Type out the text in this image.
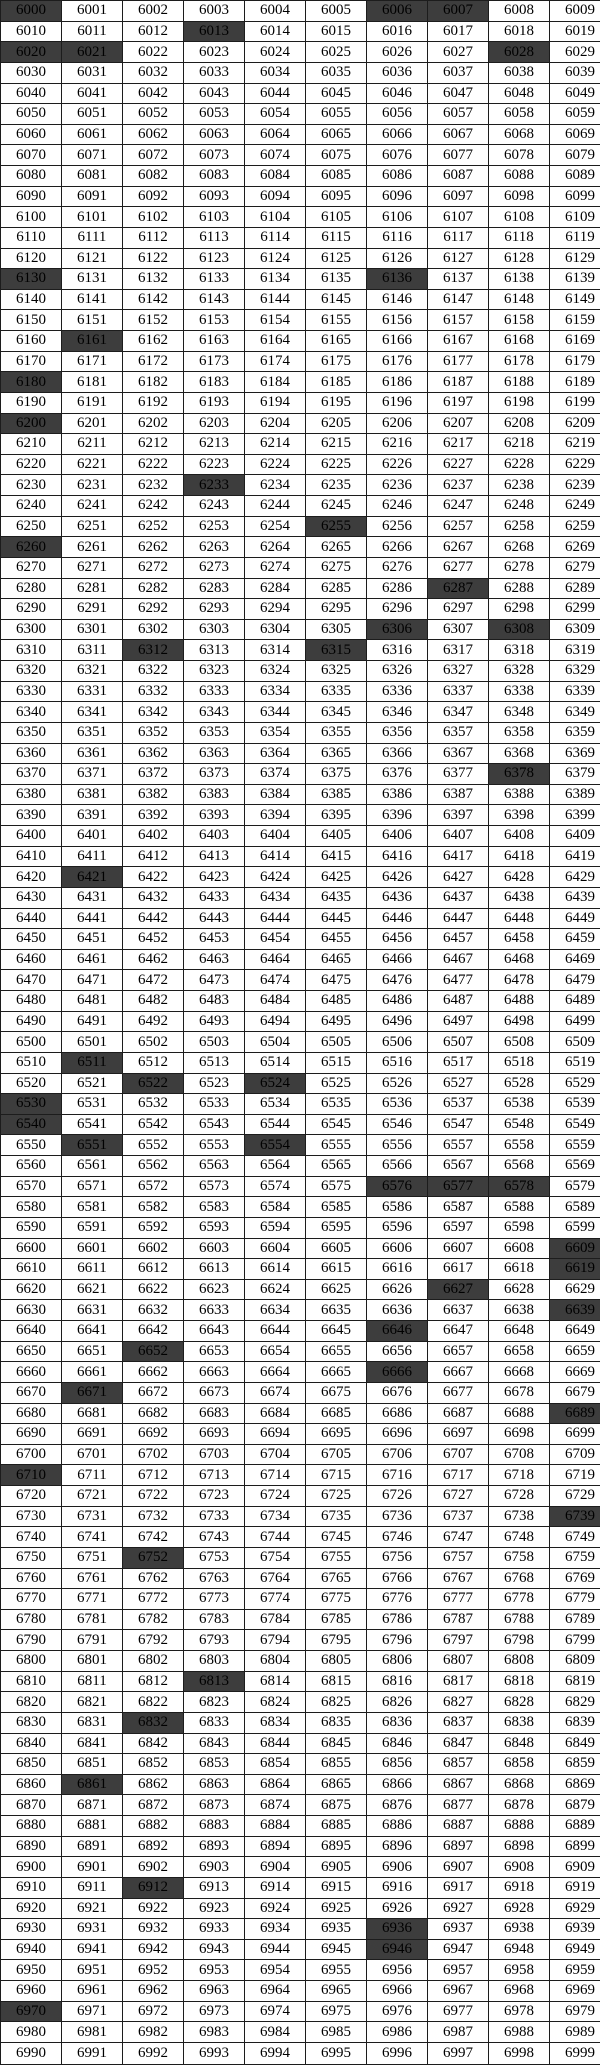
6000	6001	6002	6003	6004	6005	6006	6007	6008	6009
6010	6011	6012	6013	6014	6015	6016	6017	6018	6019
6020	6021	6022	6023	6024	6025	6026	6027	6028	6029
6030	6031	6032	6033	6034	6035	6036	6037	6038	6039
6040	6041	6042	6043	6044	6045	6046	6047	6048	6049
6050	6051	6052	6053	6054	6055	6056	6057	6058	6059
6060	6061	6062	6063	6064	6065	6066	6067	6068	6069
6070	6071	6072	6073	6074	6075	6076	6077	6078	6079
6080	6081	6082	6083	6084	6085	6086	6087	6088	6089
6090	6091	6092	6093	6094	6095	6096	6097	6098	6099
6100	6101	6102	6103	6104	6105	6106	6107	6108	6109
6110	6111	6112	6113	6114	6115	6116	6117	6118	6119
6120	6121	6122	6123	6124	6125	6126	6127	6128	6129
6130	6131	6132	6133	6134	6135	6136	6137	6138	6139
6140	6141	6142	6143	6144	6145	6146	6147	6148	6149
6150	6151	6152	6153	6154	6155	6156	6157	6158	6159
6160	6161	6162	6163	6164	6165	6166	6167	6168	6169
6170	6171	6172	6173	6174	6175	6176	6177	6178	6179
6180	6181	6182	6183	6184	6185	6186	6187	6188	6189
6190	6191	6192	6193	6194	6195	6196	6197	6198	6199
6200	6201	6202	6203	6204	6205	6206	6207	6208	6209
6210	6211	6212	6213	6214	6215	6216	6217	6218	6219
6220	6221	6222	6223	6224	6225	6226	6227	6228	6229
6230	6231	6232	6233	6234	6235	6236	6237	6238	6239
6240	6241	6242	6243	6244	6245	6246	6247	6248	6249
6250	6251	6252	6253	6254	6255	6256	6257	6258	6259
6260	6261	6262	6263	6264	6265	6266	6267	6268	6269
6270	6271	6272	6273	6274	6275	6276	6277	6278	6279
6280	6281	6282	6283	6284	6285	6286	6287	6288	6289
6290	6291	6292	6293	6294	6295	6296	6297	6298	6299
6300	6301	6302	6303	6304	6305	6306	6307	6308	6309
6310	6311	6312	6313	6314	6315	6316	6317	6318	6319
6320	6321	6322	6323	6324	6325	6326	6327	6328	6329
6330	6331	6332	6333	6334	6335	6336	6337	6338	6339
6340	6341	6342	6343	6344	6345	6346	6347	6348	6349
6350	6351	6352	6353	6354	6355	6356	6357	6358	6359
6360	6361	6362	6363	6364	6365	6366	6367	6368	6369
6370	6371	6372	6373	6374	6375	6376	6377	6378	6379
6380	6381	6382	6383	6384	6385	6386	6387	6388	6389
6390	6391	6392	6393	6394	6395	6396	6397	6398	6399
6400	6401	6402	6403	6404	6405	6406	6407	6408	6409
6410	6411	6412	6413	6414	6415	6416	6417	6418	6419
6420	6421	6422	6423	6424	6425	6426	6427	6428	6429
6430	6431	6432	6433	6434	6435	6436	6437	6438	6439
6440	6441	6442	6443	6444	6445	6446	6447	6448	6449
6450	6451	6452	6453	6454	6455	6456	6457	6458	6459
6460	6461	6462	6463	6464	6465	6466	6467	6468	6469
6470	6471	6472	6473	6474	6475	6476	6477	6478	6479
6480	6481	6482	6483	6484	6485	6486	6487	6488	6489
6490	6491	6492	6493	6494	6495	6496	6497	6498	6499
6500	6501	6502	6503	6504	6505	6506	6507	6508	6509
6510	6511	6512	6513	6514	6515	6516	6517	6518	6519
6520	6521	6522	6523	6524	6525	6526	6527	6528	6529
6530	6531	6532	6533	6534	6535	6536	6537	6538	6539
6540	6541	6542	6543	6544	6545	6546	6547	6548	6549
6550	6551	6552	6553	6554	6555	6556	6557	6558	6559
6560	6561	6562	6563	6564	6565	6566	6567	6568	6569
6570	6571	6572	6573	6574	6575	6576	6577	6578	6579
6580	6581	6582	6583	6584	6585	6586	6587	6588	6589
6590	6591	6592	6593	6594	6595	6596	6597	6598	6599
6600	6601	6602	6603	6604	6605	6606	6607	6608	6609
6610	6611	6612	6613	6614	6615	6616	6617	6618	6619
6620	6621	6622	6623	6624	6625	6626	6627	6628	6629
6630	6631	6632	6633	6634	6635	6636	6637	6638	6639
6640	6641	6642	6643	6644	6645	6646	6647	6648	6649
6650	6651	6652	6653	6654	6655	6656	6657	6658	6659
6660	6661	6662	6663	6664	6665	6666	6667	6668	6669
6670	6671	6672	6673	6674	6675	6676	6677	6678	6679
6680	6681	6682	6683	6684	6685	6686	6687	6688	6689
6690	6691	6692	6693	6694	6695	6696	6697	6698	6699
6700	6701	6702	6703	6704	6705	6706	6707	6708	6709
6710	6711	6712	6713	6714	6715	6716	6717	6718	6719
6720	6721	6722	6723	6724	6725	6726	6727	6728	6729
6730	6731	6732	6733	6734	6735	6736	6737	6738	6739
6740	6741	6742	6743	6744	6745	6746	6747	6748	6749
6750	6751	6752	6753	6754	6755	6756	6757	6758	6759
6760	6761	6762	6763	6764	6765	6766	6767	6768	6769
6770	6771	6772	6773	6774	6775	6776	6777	6778	6779
6780	6781	6782	6783	6784	6785	6786	6787	6788	6789
6790	6791	6792	6793	6794	6795	6796	6797	6798	6799
6800	6801	6802	6803	6804	6805	6806	6807	6808	6809
6810	6811	6812	6813	6814	6815	6816	6817	6818	6819
6820	6821	6822	6823	6824	6825	6826	6827	6828	6829
6830	6831	6832	6833	6834	6835	6836	6837	6838	6839
6840	6841	6842	6843	6844	6845	6846	6847	6848	6849
6850	6851	6852	6853	6854	6855	6856	6857	6858	6859
6860	6861	6862	6863	6864	6865	6866	6867	6868	6869
6870	6871	6872	6873	6874	6875	6876	6877	6878	6879
6880	6881	6882	6883	6884	6885	6886	6887	6888	6889
6890	6891	6892	6893	6894	6895	6896	6897	6898	6899
6900	6901	6902	6903	6904	6905	6906	6907	6908	6909
6910	6911	6912	6913	6914	6915	6916	6917	6918	6919
6920	6921	6922	6923	6924	6925	6926	6927	6928	6929
6930	6931	6932	6933	6934	6935	6936	6937	6938	6939
6940	6941	6942	6943	6944	6945	6946	6947	6948	6949
6950	6951	6952	6953	6954	6955	6956	6957	6958	6959
6960	6961	6962	6963	6964	6965	6966	6967	6968	6969
6970	6971	6972	6973	6974	6975	6976	6977	6978	6979
6980	6981	6982	6983	6984	6985	6986	6987	6988	6989
6990	6991	6992	6993	6994	6995	6996	6997	6998	6999
